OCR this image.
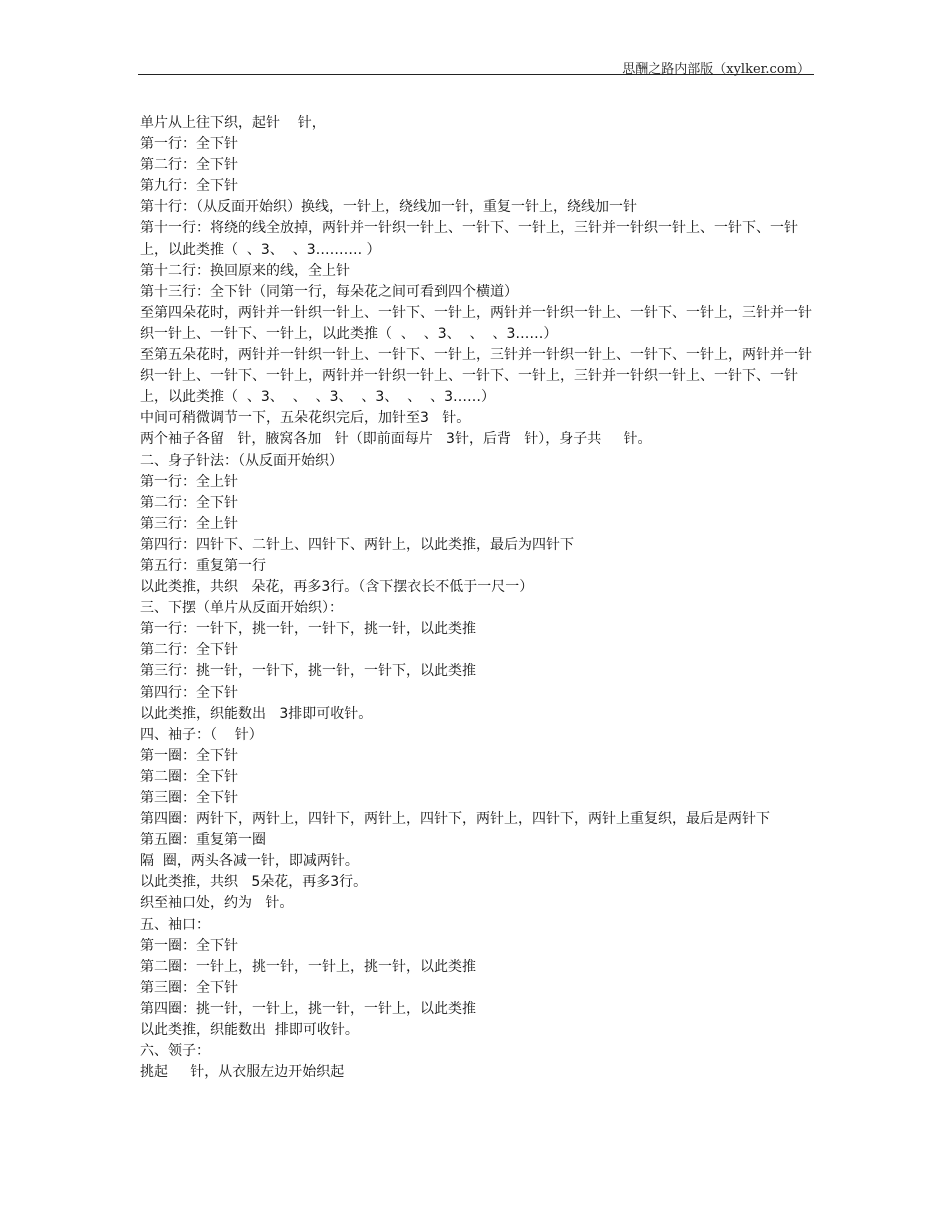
思酬之路内部版（xylker.com）
单片从上往下织，起针    针，
第一行：全下针
第二行：全下针
第九行：全下针
第十行：（从反面开始织）换线，一针上，绕线加一针，重复一针上，绕线加一针
第十一行：将绕的线全放掉，两针并一针织一针上、一针下、一针上，三针并一针织一针上、一针下、一针上，以此类推（  、3、  、3………. ）
第十二行：换回原来的线，全上针
第十三行：全下针（同第一行，每朵花之间可看到四个横道）
至第四朵花时，两针并一针织一针上、一针下、一针上，两针并一针织一针上、一针下、一针上，三针并一针织一针上、一针下、一针上，以此类推（  、  、3、  、  、3……）
至第五朵花时，两针并一针织一针上、一针下、一针上，三针并一针织一针上、一针下、一针上，两针并一针织一针上、一针下、一针上，两针并一针织一针上、一针下、一针上，三针并一针织一针上、一针下、一针上，以此类推（  、3、  、  、3、  、3、  、  、3……）
中间可稍微调节一下，五朵花织完后，加针至3   针。
两个袖子各留   针，腋窝各加   针（即前面每片   3针，后背   针），身子共     针。
二、身子针法：（从反面开始织）
第一行：全上针
第二行：全下针
第三行：全上针
第四行：四针下、二针上、四针下、两针上，以此类推，最后为四针下
第五行：重复第一行
以此类推，共织   朵花，再多3行。（含下摆衣长不低于一尺一）
三、下摆（单片从反面开始织）：
第一行：一针下，挑一针，一针下，挑一针，以此类推
第二行：全下针
第三行：挑一针，一针下，挑一针，一针下，以此类推
第四行：全下针
以此类推，织能数出   3排即可收针。
四、袖子：（    针）
第一圈：全下针
第二圈：全下针
第三圈：全下针
第四圈：两针下，两针上，四针下，两针上，四针下，两针上，四针下，两针上重复织，最后是两针下
第五圈：重复第一圈
隔  圈，两头各减一针，即减两针。
以此类推，共织   5朵花，再多3行。
织至袖口处，约为   针。
五、袖口：
第一圈：全下针
第二圈：一针上，挑一针，一针上，挑一针，以此类推
第三圈：全下针
第四圈：挑一针，一针上，挑一针，一针上，以此类推
以此类推，织能数出  排即可收针。
六、领子：
挑起     针，从衣服左边开始织起
